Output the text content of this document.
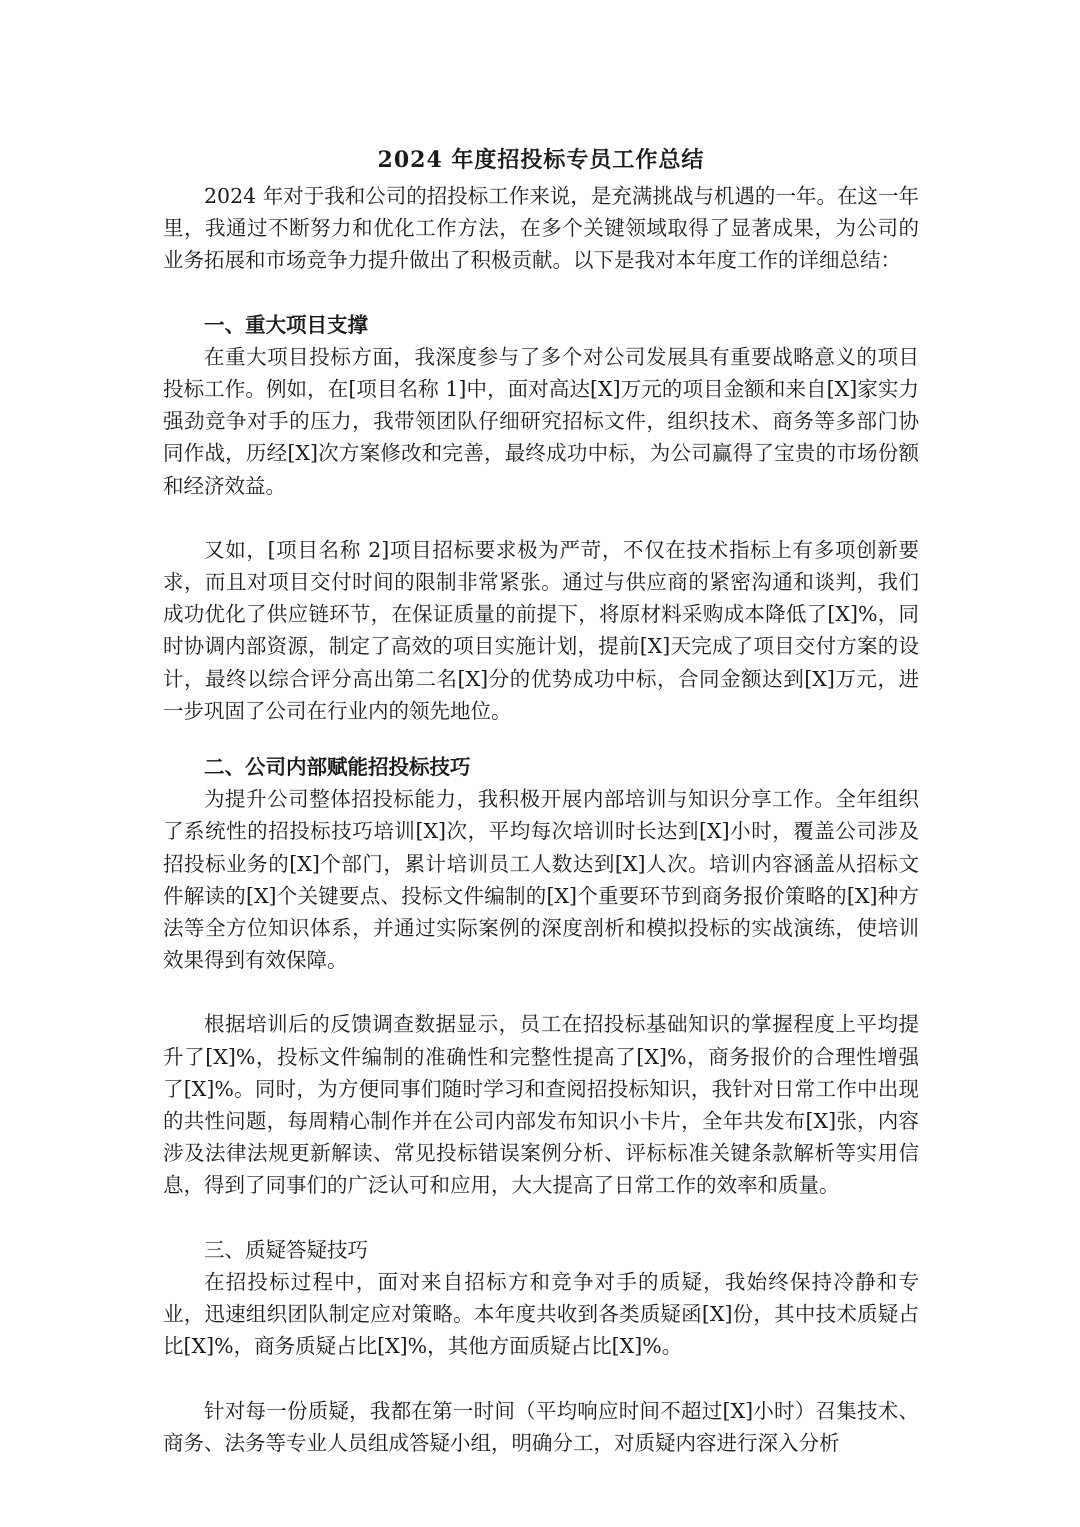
2024 年度招投标专员工作总结

2024 年对于我和公司的招投标工作来说，是充满挑战与机遇的一年。在这一年里，我通过不断努力和优化工作方法，在多个关键领域取得了显著成果，为公司的业务拓展和市场竞争力提升做出了积极贡献。以下是我对本年度工作的详细总结：

一、重大项目支撑

在重大项目投标方面，我深度参与了多个对公司发展具有重要战略意义的项目投标工作。例如，在[项目名称 1]中，面对高达[X]万元的项目金额和来自[X]家实力强劲竞争对手的压力，我带领团队仔细研究招标文件，组织技术、商务等多部门协同作战，历经[X]次方案修改和完善，最终成功中标，为公司赢得了宝贵的市场份额和经济效益。

又如，[项目名称 2]项目招标要求极为严苛，不仅在技术指标上有多项创新要求，而且对项目交付时间的限制非常紧张。通过与供应商的紧密沟通和谈判，我们成功优化了供应链环节，在保证质量的前提下，将原材料采购成本降低了[X]%，同时协调内部资源，制定了高效的项目实施计划，提前[X]天完成了项目交付方案的设计，最终以综合评分高出第二名[X]分的优势成功中标，合同金额达到[X]万元，进一步巩固了公司在行业内的领先地位。

二、公司内部赋能招投标技巧

为提升公司整体招投标能力，我积极开展内部培训与知识分享工作。全年组织了系统性的招投标技巧培训[X]次，平均每次培训时长达到[X]小时，覆盖公司涉及招投标业务的[X]个部门，累计培训员工人数达到[X]人次。培训内容涵盖从招标文件解读的[X]个关键要点、投标文件编制的[X]个重要环节到商务报价策略的[X]种方法等全方位知识体系，并通过实际案例的深度剖析和模拟投标的实战演练，使培训效果得到有效保障。

根据培训后的反馈调查数据显示，员工在招投标基础知识的掌握程度上平均提升了[X]%，投标文件编制的准确性和完整性提高了[X]%，商务报价的合理性增强了[X]%。同时，为方便同事们随时学习和查阅招投标知识，我针对日常工作中出现的共性问题，每周精心制作并在公司内部发布知识小卡片，全年共发布[X]张，内容涉及法律法规更新解读、常见投标错误案例分析、评标标准关键条款解析等实用信息，得到了同事们的广泛认可和应用，大大提高了日常工作的效率和质量。

三、质疑答疑技巧

在招投标过程中，面对来自招标方和竞争对手的质疑，我始终保持冷静和专业，迅速组织团队制定应对策略。本年度共收到各类质疑函[X]份，其中技术质疑占比[X]%，商务质疑占比[X]%，其他方面质疑占比[X]%。

针对每一份质疑，我都在第一时间（平均响应时间不超过[X]小时）召集技术、商务、法务等专业人员组成答疑小组，明确分工，对质疑内容进行深入分析
